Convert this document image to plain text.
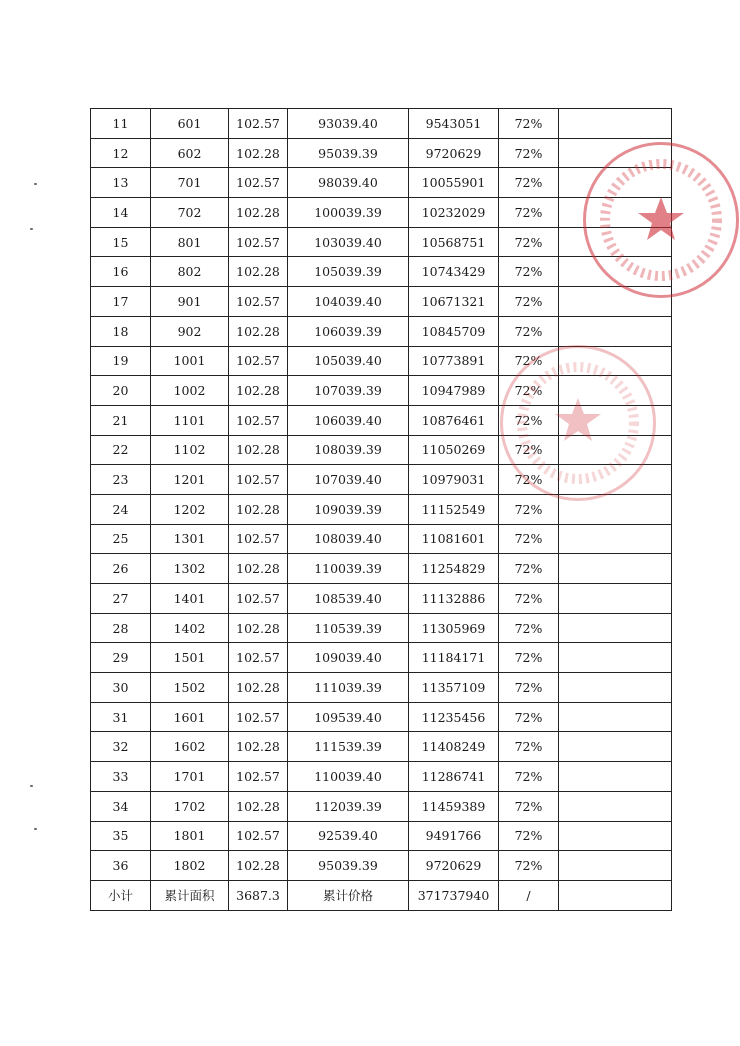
11	601	102.57	93039.40	9543051	72%	
12	602	102.28	95039.39	9720629	72%	
13	701	102.57	98039.40	10055901	72%	
14	702	102.28	100039.39	10232029	72%	
15	801	102.57	103039.40	10568751	72%	
16	802	102.28	105039.39	10743429	72%	
17	901	102.57	104039.40	10671321	72%	
18	902	102.28	106039.39	10845709	72%	
19	1001	102.57	105039.40	10773891	72%	
20	1002	102.28	107039.39	10947989	72%	
21	1101	102.57	106039.40	10876461	72%	
22	1102	102.28	108039.39	11050269	72%	
23	1201	102.57	107039.40	10979031	72%	
24	1202	102.28	109039.39	11152549	72%	
25	1301	102.57	108039.40	11081601	72%	
26	1302	102.28	110039.39	11254829	72%	
27	1401	102.57	108539.40	11132886	72%	
28	1402	102.28	110539.39	11305969	72%	
29	1501	102.57	109039.40	11184171	72%	
30	1502	102.28	111039.39	11357109	72%	
31	1601	102.57	109539.40	11235456	72%	
32	1602	102.28	111539.39	11408249	72%	
33	1701	102.57	110039.40	11286741	72%	
34	1702	102.28	112039.39	11459389	72%	
35	1801	102.57	92539.40	9491766	72%	
36	1802	102.28	95039.39	9720629	72%	
小计	累计面积	3687.3	累计价格	371737940	/	
